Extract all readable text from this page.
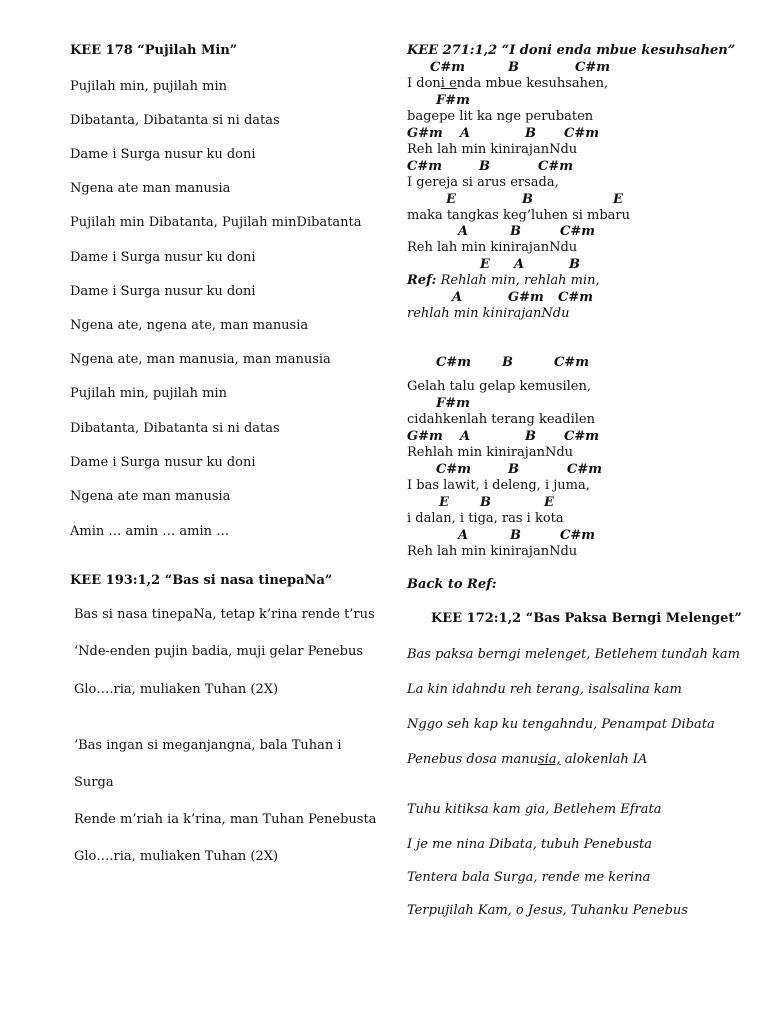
KEE 178 “Pujilah Min”
Pujilah min, pujilah min
Dibatanta, Dibatanta si ni datas
Dame i Surga nusur ku doni
Ngena ate man manusia
Pujilah min Dibatanta, Pujilah minDibatanta
Dame i Surga nusur ku doni
Dame i Surga nusur ku doni
Ngena ate, ngena ate, man manusia
Ngena ate, man manusia, man manusia
Pujilah min, pujilah min
Dibatanta, Dibatanta si ni datas
Dame i Surga nusur ku doni
Ngena ate man manusia
Amin … amin … amin …
KEE 193:1,2 “Bas si nasa tinepaNa”
Bas si nasa tinepaNa, tetap k’rina rende t’rus
‘Nde-enden pujin badia, muji gelar Penebus
Glo….ria, muliaken Tuhan (2X)
‘Bas ingan si meganjangna, bala Tuhan i
Surga
Rende m’riah ia k’rina, man Tuhan Penebusta
Glo….ria, muliaken Tuhan (2X)
KEE 271:1,2 “I doni enda mbue kesuhsahen”
C#m	B	C#m
I doni enda mbue kesuhsahen,
F#m
bagepe lit ka nge perubaten
G#m A	B C#m
Reh lah min kinirajanNdu
C#m	B	C#m
I gereja si arus ersada,
E	B	E
maka tangkas keg’luhen si mbaru
A	B	C#m
Reh lah min kinirajanNdu
E A	B
Ref: Rehlah min, rehlah min,
A	G#m C#m
rehlah min kinirajanNdu
C#m B	C#m
Gelah talu gelap kemusilen,
F#m
cidahkenlah terang keadilen
G#m A	B C#m
Rehlah min kinirajanNdu
C#m	B	C#m
I bas lawit, i deleng, i juma,
E B	E
i dalan, i tiga, ras i kota
A	B	C#m
Reh lah min kinirajanNdu
Back to Ref:
KEE 172:1,2 “Bas Paksa Berngi Melenget”
Bas paksa berngi melenget, Betlehem tundah kam
La kin idahndu reh terang, isalsalina kam
Nggo seh kap ku tengahndu, Penampat Dibata
Penebus dosa manusia, alokenlah IA
Tuhu kitiksa kam gia, Betlehem Efrata
I je me nina Dibata, tubuh Penebusta
Tentera bala Surga, rende me kerina
Terpujilah Kam, o Jesus, Tuhanku Penebus
